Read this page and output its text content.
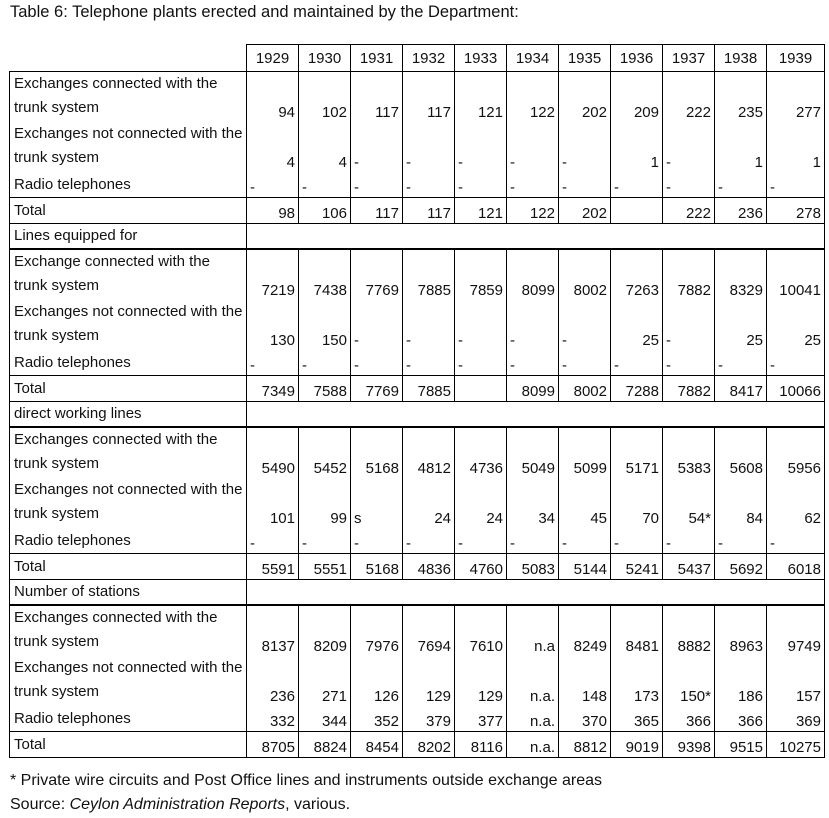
Table 6: Telephone plants erected and maintained by the Department:
	1929	1930	1931	1932	1933	1934	1935	1936	1937	1938	1939
Exchanges connected with the trunk system	94	102	117	117	121	122	202	209	222	235	277
Exchanges not connected with the trunk system	4	4	-	-	-	-	-	1	-	1	1
Radio telephones	-	-	-	-	-	-	-	-	-	-	-
Total	98	106	117	117	121	122	202		222	236	278
Lines equipped for											
Exchange connected with the trunk system	7219	7438	7769	7885	7859	8099	8002	7263	7882	8329	10041
Exchanges not connected with the trunk system	130	150	-	-	-	-	-	25	-	25	25
Radio telephones	-	-	-	-	-	-	-	-	-	-	-
Total	7349	7588	7769	7885		8099	8002	7288	7882	8417	10066
direct working lines											
Exchanges connected with the trunk system	5490	5452	5168	4812	4736	5049	5099	5171	5383	5608	5956
Exchanges not connected with the trunk system	101	99	s	24	24	34	45	70	54*	84	62
Radio telephones	-	-	-	-	-	-	-	-	-	-	-
Total	5591	5551	5168	4836	4760	5083	5144	5241	5437	5692	6018
Number of stations											
Exchanges connected with the trunk system	8137	8209	7976	7694	7610	n.a	8249	8481	8882	8963	9749
Exchanges not connected with the trunk system	236	271	126	129	129	n.a.	148	173	150*	186	157
Radio telephones	332	344	352	379	377	n.a.	370	365	366	366	369
Total	8705	8824	8454	8202	8116	n.a.	8812	9019	9398	9515	10275
* Private wire circuits and Post Office lines and instruments outside exchange areas
Source: Ceylon Administration Reports, various.
